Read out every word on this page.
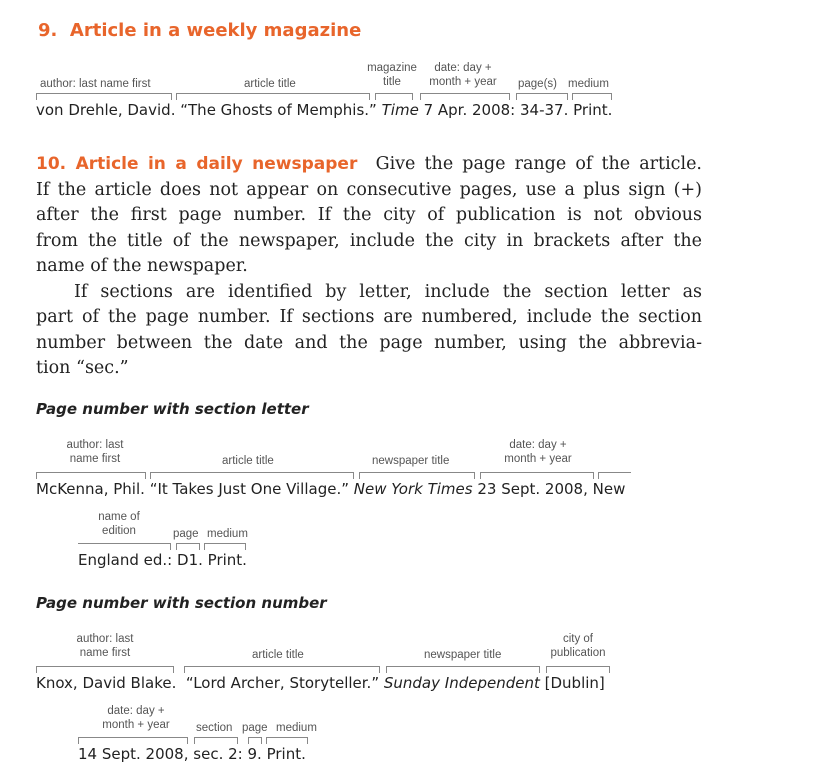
9. Article in a weekly magazine
author: last name first	article title
magazine
title
date: day +
month + year	page(s) medium
von Drehle, David. “The Ghosts of Memphis.” Time 7 Apr. 2008: 34-37. Print.
10. Article in a daily newspaper Give the page range of the article.
If the article does not appear on consecutive pages, use a plus sign (+)
after the first page number. If the city of publication is not obvious
from the title of the newspaper, include the city in brackets after the
name of the newspaper.
If sections are identified by letter, include the section letter as
part of the page number. If sections are numbered, include the section
number between the date and the page number, using the abbrevia-
tion “sec.”
Page number with section letter
author: last
name first	article title	newspaper title
date: day +
month + year
McKenna, Phil. “It Takes Just One Village.” New York Times 23 Sept. 2008, New
name of
edition	page medium
England ed.: D1. Print.
Page number with section number
author: last
name first	article title	newspaper title
city of
publication
Knox, David Blake. “Lord Archer, Storyteller.” Sunday Independent [Dublin]
date: day +
month + year	section page medium
14 Sept. 2008, sec. 2: 9. Print.
